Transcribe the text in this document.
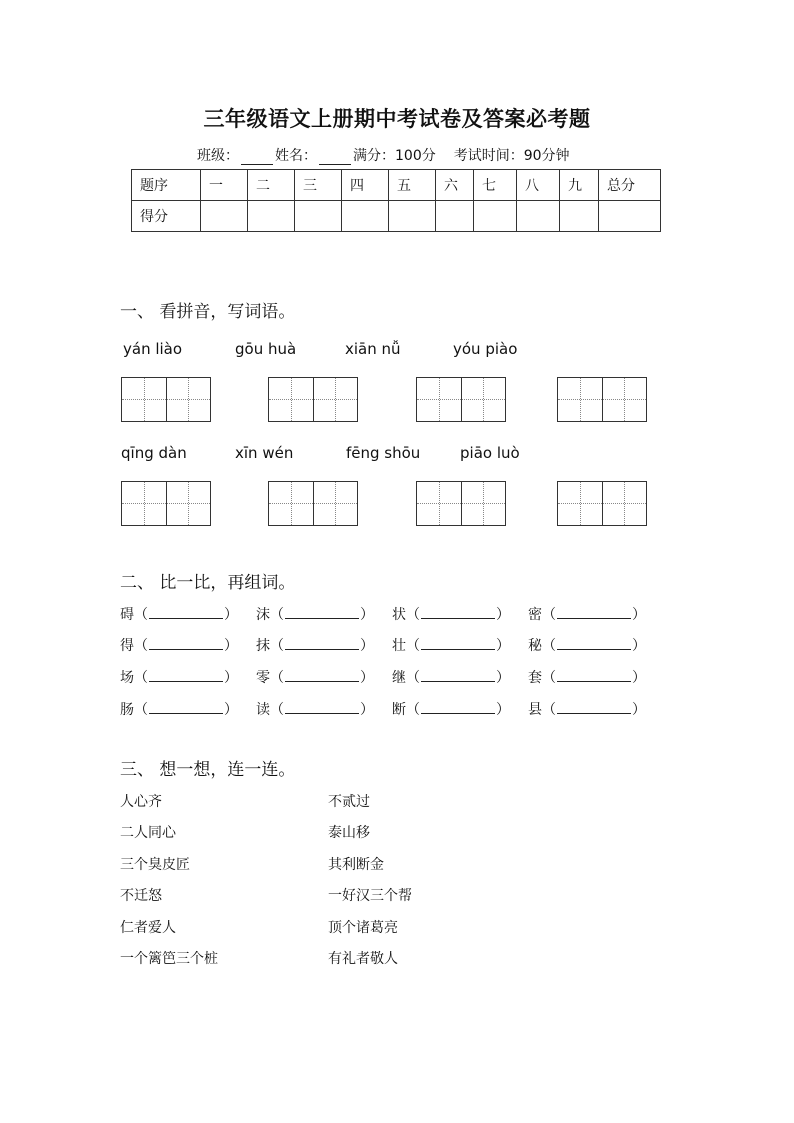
三年级语文上册期中考试卷及答案必考题
班级：	姓名：	满分：100分 考试时间：90分钟
题序	一	二	三	四	五	六	七	八	九	总分
得分										
一、 看拼音，写词语。
yán liào	gōu huà	xiān nǚ	yóu piào
qīng dàn	xīn wén	fēng shōu	piāo luò
二、 比一比，再组词。
碍（	） 沫（	） 状（	） 密（	）
得（	） 抹（	） 壮（	） 秘（	）
场（	） 零（	） 继（	） 套（	）
肠（	） 读（	） 断（	） 县（	）
三、 想一想，连一连。
人心齐
二人同心
三个臭皮匠
不迁怒
仁者爱人
一个篱笆三个桩
不贰过
泰山移
其利断金
一好汉三个帮
顶个诸葛亮
有礼者敬人
